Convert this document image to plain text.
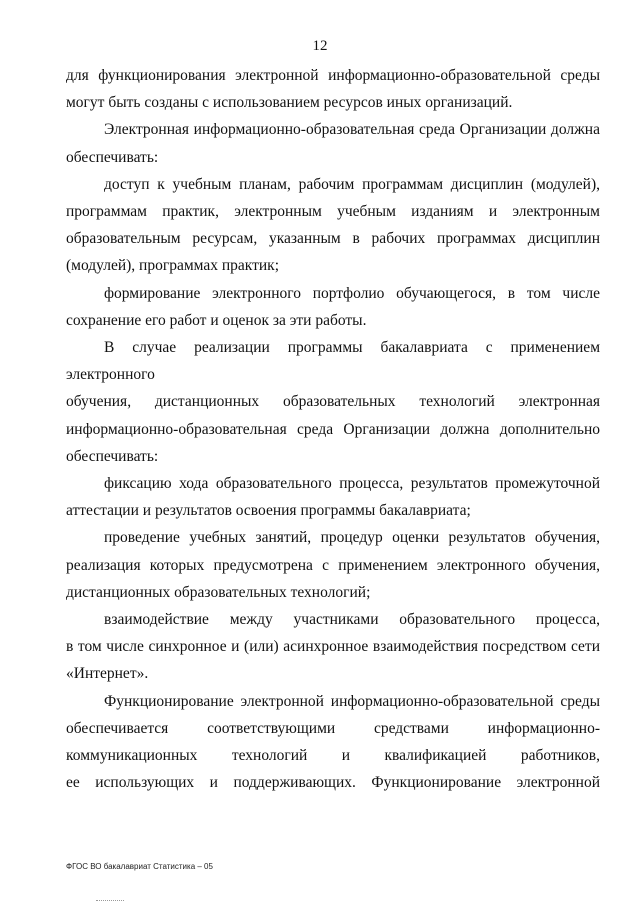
12

для функционирования электронной информационно-образовательной среды

могут быть созданы с использованием ресурсов иных организаций.

Электронная информационно-образовательная среда Организации должна

обеспечивать:

доступ к учебным планам, рабочим программам дисциплин (модулей),

программам практик, электронным учебным изданиям и электронным

образовательным ресурсам, указанным в рабочих программах дисциплин

(модулей), программах практик;

формирование электронного портфолио обучающегося, в том числе

сохранение его работ и оценок за эти работы.

В случае реализации программы бакалавриата с применением электронного

обучения, дистанционных образовательных технологий электронная

информационно-образовательная среда Организации должна дополнительно

обеспечивать:

фиксацию хода образовательного процесса, результатов промежуточной

аттестации и результатов освоения программы бакалавриата;

проведение учебных занятий, процедур оценки результатов обучения,

реализация которых предусмотрена с применением электронного обучения,

дистанционных образовательных технологий;

взаимодействие между участниками образовательного процесса,

в том числе синхронное и (или) асинхронное взаимодействия посредством сети

«Интернет».

Функционирование электронной информационно-образовательной среды

обеспечивается соответствующими средствами информационно-

коммуникационных технологий и квалификацией работников,

ее использующих и поддерживающих. Функционирование электронной

ФГОС ВО бакалавриат Статистика – 05
